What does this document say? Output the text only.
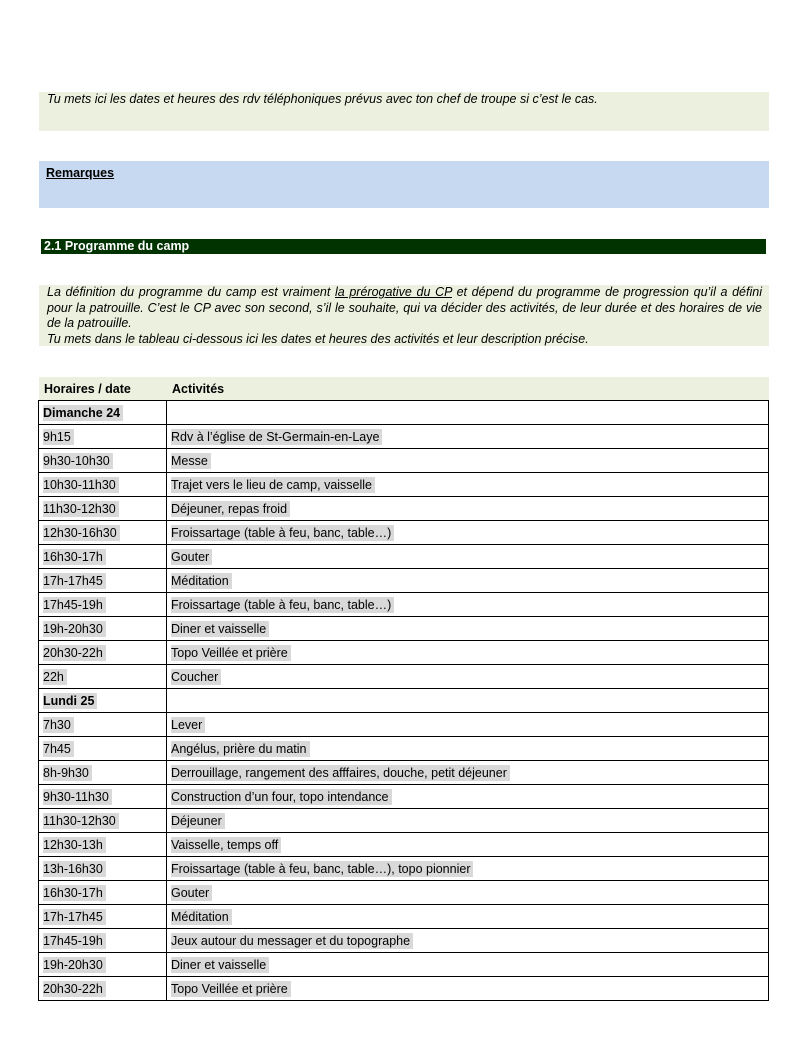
Tu mets ici les dates et heures des rdv téléphoniques prévus avec ton chef de troupe si c’est le cas.

Remarques
2.1 Programme du camp

La définition du programme du camp est vraiment la prérogative du CP et dépend du programme de progression qu’il a défini pour la patrouille. C’est le CP avec son second, s’il le souhaite, qui va décider des activités, de leur durée et des horaires de vie de la patrouille.

Tu mets dans le tableau ci-dessous ici les dates et heures des activités et leur description précise.

Horaires / date	Activités
Dimanche 24	
9h15	Rdv à l’église de St-Germain-en-Laye
9h30-10h30	Messe
10h30-11h30	Trajet vers le lieu de camp, vaisselle
11h30-12h30	Déjeuner, repas froid
12h30-16h30	Froissartage (table à feu, banc, table…)
16h30-17h	Gouter
17h-17h45	Méditation
17h45-19h	Froissartage (table à feu, banc, table…)
19h-20h30	Diner et vaisselle
20h30-22h	Topo Veillée et prière
22h	Coucher
Lundi 25	
7h30	Lever
7h45	Angélus, prière du matin
8h-9h30	Derrouillage, rangement des afffaires, douche, petit déjeuner
9h30-11h30	Construction d’un four, topo intendance
11h30-12h30	Déjeuner
12h30-13h	Vaisselle, temps off
13h-16h30	Froissartage (table à feu, banc, table…), topo pionnier
16h30-17h	Gouter
17h-17h45	Méditation
17h45-19h	Jeux autour du messager et du topographe
19h-20h30	Diner et vaisselle
20h30-22h	Topo Veillée et prière
